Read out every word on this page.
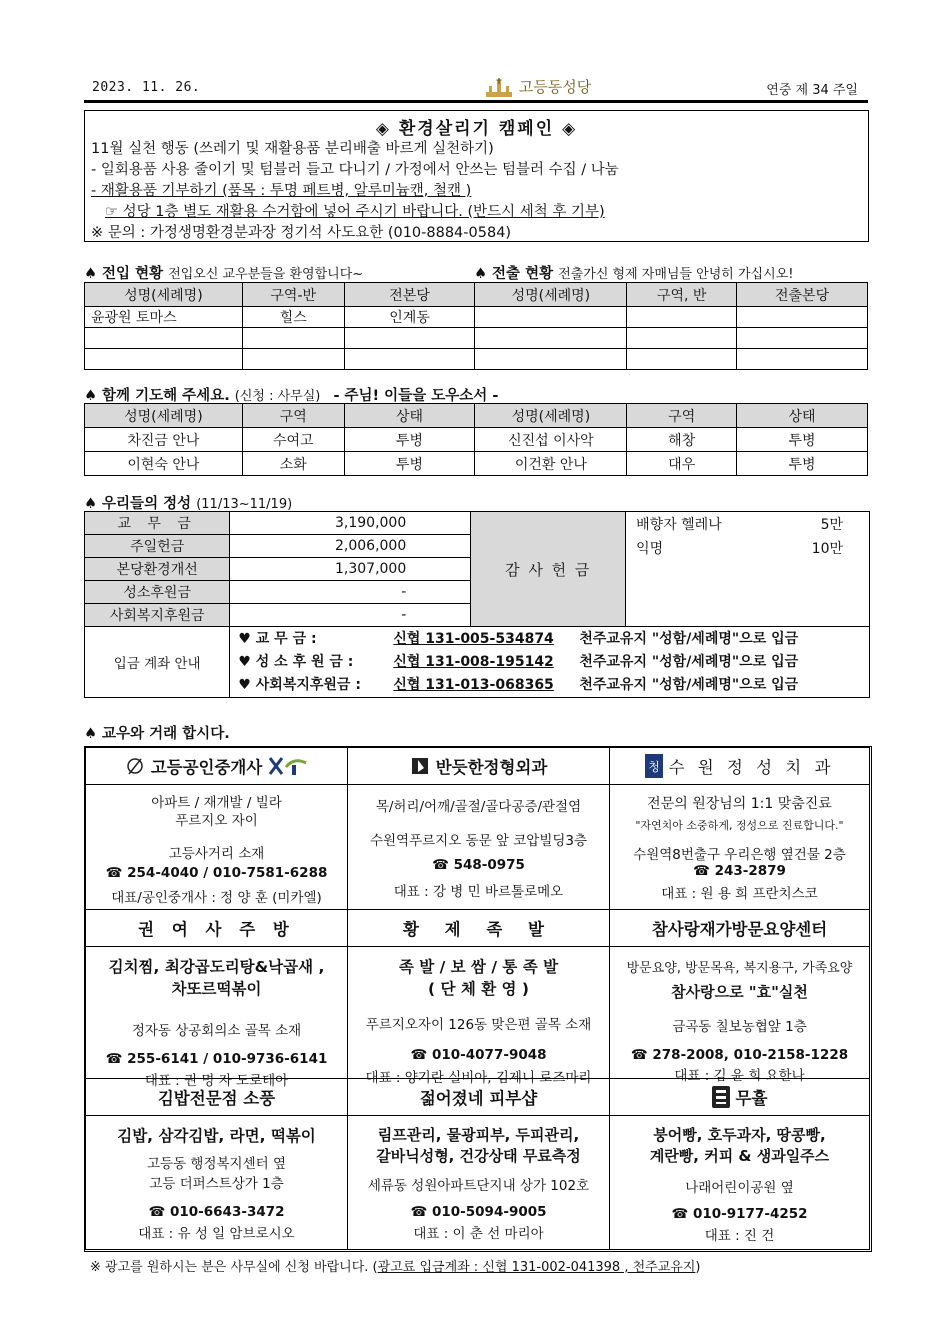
2023. 11. 26.	고등동성당	연중 제 34 주일
◈ 환경살리기 캠페인 ◈
11월 실천 행동 (쓰레기 및 재활용품 분리배출 바르게 실천하기)
- 일회용품 사용 줄이기 및 텀블러 들고 다니기 / 가정에서 안쓰는 텀블러 수집 / 나눔
- 재활용품 기부하기 (품목 : 투명 페트병, 알루미늄캔, 철캔 )
☞ 성당 1층 별도 재활용 수거함에 넣어 주시기 바랍니다. (반드시 세척 후 기부)
※ 문의 : 가정생명환경분과장 정기석 사도요한 (010-8884-0584)
♠ 전입 현황 전입오신 교우분들을 환영합니다~	♠ 전출 현황 전출가신 형제 자매님들 안녕히 가십시오!
성명(세례명)	구역-반	전본당	성명(세례명)	구역, 반	전출본당
윤광원 토마스	힐스	인계동			

♠ 함께 기도해 주세요. (신청 : 사무실) - 주님! 이들을 도우소서 -
성명(세례명)	구역	상태	성명(세례명)	구역	상태
차진금 안나	수여고	투병	신진섭 이사악	해창	투병
이현숙 안나	소화	투병	이건환 안나	대우	투병
♠ 우리들의 정성 (11/13~11/19)
교 무 금	3,190,000	감 사 헌 금	배향자 헬레나 5만
익명 10만

주일헌금	2,006,000		
본당환경개선	1,307,000		
성소후원금	-		
사회복지후원금	-		
입금 계좌 안내	♥ 교 무 금 : 신협 131-005-534874 천주교유지 "성함/세례명"으로 입금
♥ 성 소 후 원 금 : 신협 131-008-195142 천주교유지 "성함/세례명"으로 입금
♥ 사회복지후원금 : 신협 131-013-068365 천주교유지 "성함/세례명"으로 입금		
♠ 교우와 거래 합시다.
고등공인중개사
아파트 / 재개발 / 빌라
푸르지오 자이
고등사거리 소재
☎ 254-4040 / 010-7581-6288
대표/공인중개사 : 정 양 훈 (미카엘)
반듯한정형외과
목/허리/어깨/골절/골다공증/관절염
수원역푸르지오 동문 앞 코압빌딩3층
☎ 548-0975
대표 : 강 병 민 바르톨로메오
청 수 원 정 성 치 과
전문의 원장님의 1:1 맞춤진료
"자연치아 소중하게, 정성으로 진료합니다."
수원역8번출구 우리은행 옆건물 2층
☎ 243-2879
대표 : 원 용 희 프란치스코
권 여 사 주 방
김치찜, 최강곱도리탕&낙곱새 ,
차또르떡볶이
정자동 상공회의소 골목 소재
☎ 255-6141 / 010-9736-6141
대표 : 권 명 자 도로테아
황 제 족 발
족 발 / 보 쌈 / 통 족 발
( 단 체 환 영 )
푸르지오자이 126동 맞은편 골목 소재
☎ 010-4077-9048
대표 : 양기란 실비아, 김제니 로즈마리
참사랑재가방문요양센터
방문요양, 방문목욕, 복지용구, 가족요양
참사랑으로 "효"실천
금곡동 칠보농협앞 1층
☎ 278-2008, 010-2158-1228
대표 : 김 윤 희 요한나
김밥전문점 소풍
김밥, 삼각김밥, 라면, 떡볶이
고등동 행정복지센터 옆
고등 더퍼스트상가 1층
☎ 010-6643-3472
대표 : 유 성 일 암브로시오
젊어졌네 피부샵
림프관리, 물광피부, 두피관리,
갈바닉성형, 건강상태 무료측정
세류동 성원아파트단지내 상가 102호
☎ 010-5094-9005
대표 : 이 춘 선 마리아
무휼
붕어빵, 호두과자, 땅콩빵,
계란빵, 커피 & 생과일주스
나래어린이공원 옆
☎ 010-9177-4252
대표 : 진 건
※ 광고를 원하시는 분은 사무실에 신청 바랍니다. (광고료 입금계좌 : 신협 131-002-041398 , 천주교유지)
